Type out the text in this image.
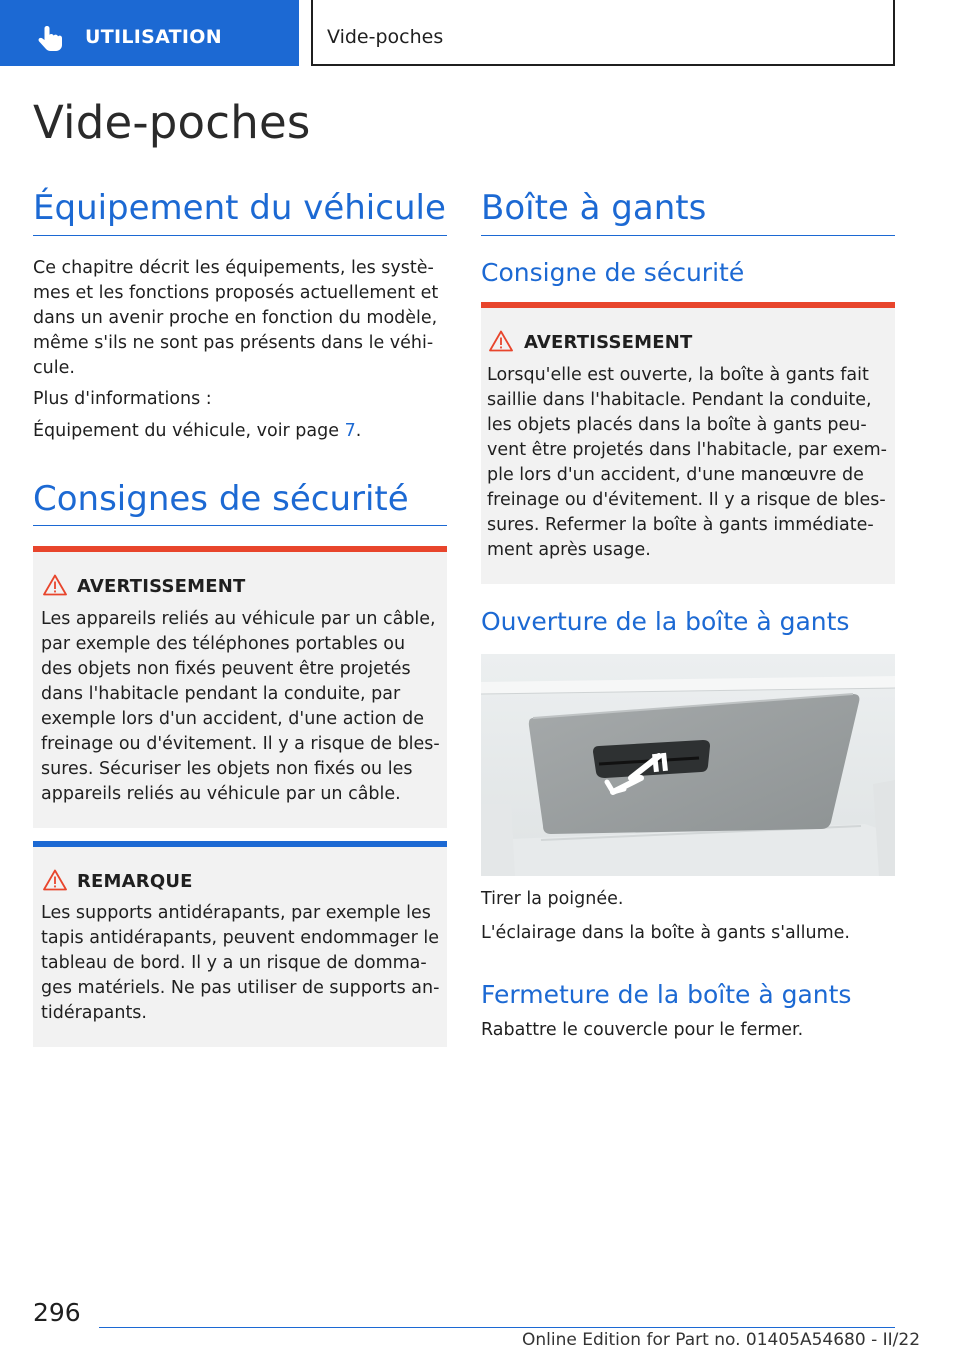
UTILISATION	Vide-poches
Vide-poches
Équipement du véhicule
Ce chapitre décrit les équipements, les systè-
mes et les fonctions proposés actuellement et
dans un avenir proche en fonction du modèle,
même s'ils ne sont pas présents dans le véhi-
cule.
Plus d'informations :
Équipement du véhicule, voir page 7.
Consignes de sécurité
AVERTISSEMENT
Les appareils reliés au véhicule par un câble,
par exemple des téléphones portables ou
des objets non fixés peuvent être projetés
dans l'habitacle pendant la conduite, par
exemple lors d'un accident, d'une action de
freinage ou d'évitement. Il y a risque de bles-
sures. Sécuriser les objets non fixés ou les
appareils reliés au véhicule par un câble.
REMARQUE
Les supports antidérapants, par exemple les
tapis antidérapants, peuvent endommager le
tableau de bord. Il y a un risque de domma-
ges matériels. Ne pas utiliser de supports an-
tidérapants.
Boîte à gants
Consigne de sécurité
AVERTISSEMENT
Lorsqu'elle est ouverte, la boîte à gants fait
saillie dans l'habitacle. Pendant la conduite,
les objets placés dans la boîte à gants peu-
vent être projetés dans l'habitacle, par exem-
ple lors d'un accident, d'une manœuvre de
freinage ou d'évitement. Il y a risque de bles-
sures. Refermer la boîte à gants immédiate-
ment après usage.
Ouverture de la boîte à gants
Tirer la poignée.
L'éclairage dans la boîte à gants s'allume.
Fermeture de la boîte à gants
Rabattre le couvercle pour le fermer.
296
Online Edition for Part no. 01405A54680 - II/22
